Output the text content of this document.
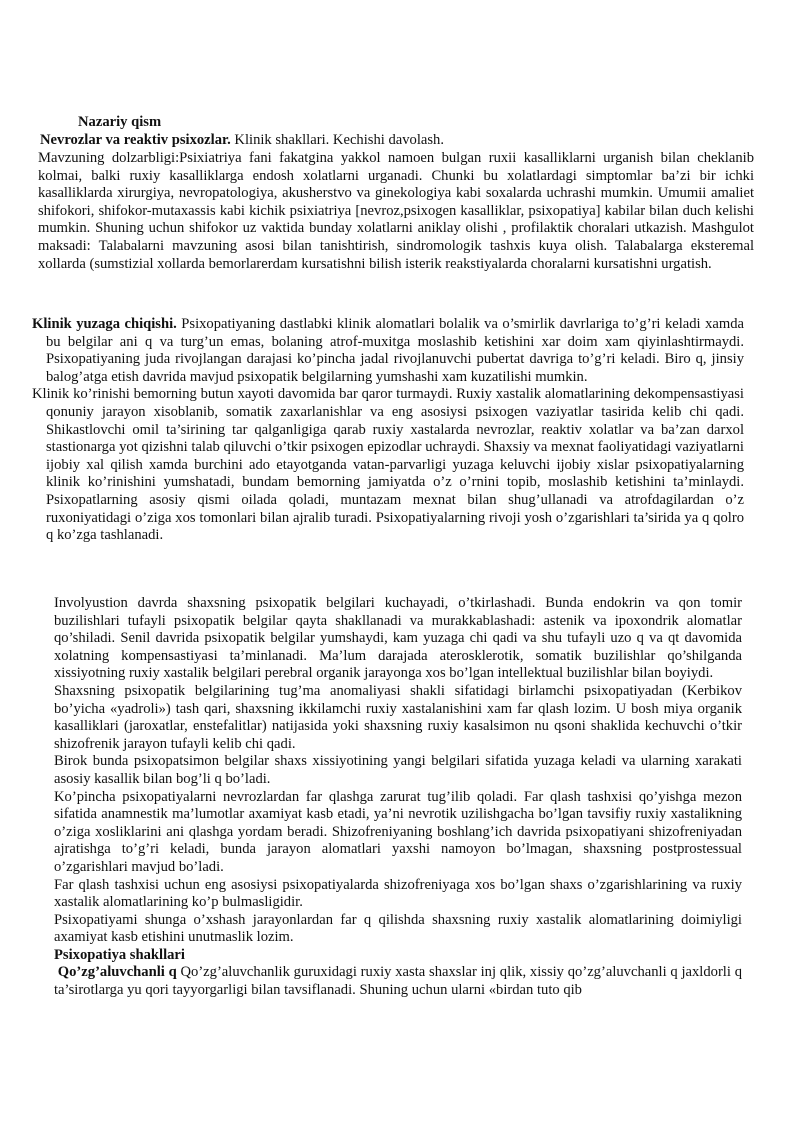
Nazariy qism

Nevrozlar va reaktiv psixozlar. Klinik shakllari. Kechishi davolash.

Mavzuning dolzarbligi:Psixiatriya fani fakatgina yakkol namoen bulgan ruxii kasalliklarni urganish bilan cheklanib kolmai, balki ruxiy kasalliklarga endosh xolatlarni urganadi. Chunki bu xolatlardagi simptomlar ba’zi bir ichki kasalliklarda xirurgiya, nevropatologiya, akusherstvo va ginekologiya kabi soxalarda uchrashi mumkin. Umumii amaliet shifokori, shifokor-mutaxassis kabi kichik psixiatriya [nevroz,psixogen kasalliklar, psixopatiya] kabilar bilan duch kelishi mumkin. Shuning uchun shifokor uz vaktida bunday xolatlarni aniklay olishi , profilaktik choralari utkazish. Mashgulot maksadi: Talabalarni mavzuning asosi bilan tanishtirish, sindromologik tashxis kuya olish. Talabalarga eksteremal xollarda (sumstizial xollarda bemorlarerdam kursatishni bilish isterik reakstiyalarda choralarni kursatishni urgatish.

Klinik yuzaga chiqishi. Psixopatiyaning dastlabki klinik alomatlari bolalik va o’smirlik davrlariga to’g’ri keladi xamda bu belgilar ani q va turg’un emas, bolaning atrof-muxitga moslashib ketishini xar doim xam qiyinlashtirmaydi. Psixopatiyaning juda rivojlangan darajasi ko’pincha jadal rivojlanuvchi pubertat davriga to’g’ri keladi. Biro q, jinsiy balog’atga etish davrida mavjud psixopatik belgilarning yumshashi xam kuzatilishi mumkin.

Klinik ko’rinishi bemorning butun xayoti davomida bar qaror turmaydi. Ruxiy xastalik alomatlarining dekompensastiyasi qonuniy jarayon xisoblanib, somatik zaxarlanishlar va eng asosiysi psixogen vaziyatlar tasirida kelib chi qadi. Shikastlovchi omil ta’sirining tar qalganligiga qarab ruxiy xastalarda nevrozlar, reaktiv xolatlar va ba’zan darxol stastionarga yot qizishni talab qiluvchi o’tkir psixogen epizodlar uchraydi. Shaxsiy va mexnat faoliyatidagi vaziyatlarni ijobiy xal qilish xamda burchini ado etayotganda vatan-parvarligi yuzaga keluvchi ijobiy xislar psixopatiyalarning klinik ko’rinishini yumshatadi, bundam bemorning jamiyatda o’z o’rnini topib, moslashib ketishini ta’minlaydi. Psixopatlarning asosiy qismi oilada qoladi, muntazam mexnat bilan shug’ullanadi va atrofdagilardan o’z ruxoniyatidagi o’ziga xos tomonlari bilan ajralib turadi. Psixopatiyalarning rivoji yosh o’zgarishlari ta’sirida ya q qolro q ko’zga tashlanadi.

Involyustion davrda shaxsning psixopatik belgilari kuchayadi, o’tkirlashadi. Bunda endokrin va qon tomir buzilishlari tufayli psixopatik belgilar qayta shakllanadi va murakkablashadi: astenik va ipoxondrik alomatlar qo’shiladi. Senil davrida psixopatik belgilar yumshaydi, kam yuzaga chi qadi va shu tufayli uzo q va qt davomida xolatning kompensastiyasi ta’minlanadi. Ma’lum darajada aterosklerotik, somatik buzilishlar qo’shilganda xissiyotning ruxiy xastalik belgilari perebral organik jarayonga xos bo’lgan intellektual buzilishlar bilan boyiydi.

Shaxsning psixopatik belgilarining tug’ma anomaliyasi shakli sifatidagi birlamchi psixopatiyadan (Kerbikov bo’yicha «yadroli») tash qari, shaxsning ikkilamchi ruxiy xastalanishini xam far qlash lozim. U bosh miya organik kasalliklari (jaroxatlar, enstefalitlar) natijasida yoki shaxsning ruxiy kasalsimon nu qsoni shaklida kechuvchi o’tkir shizofrenik jarayon tufayli kelib chi qadi.

Birok bunda psixopatsimon belgilar shaxs xissiyotining yangi belgilari sifatida yuzaga keladi va ularning xarakati asosiy kasallik bilan bog’li q bo’ladi.

Ko’pincha psixopatiyalarni nevrozlardan far qlashga zarurat tug’ilib qoladi. Far qlash tashxisi qo’yishga mezon sifatida anamnestik ma’lumotlar axamiyat kasb etadi, ya’ni nevrotik uzilishgacha bo’lgan tavsifiy ruxiy xastalikning o’ziga xosliklarini ani qlashga yordam beradi. Shizofreniyaning boshlang’ich davrida psixopatiyani shizofreniyadan ajratishga to’g’ri keladi, bunda jarayon alomatlari yaxshi namoyon bo’lmagan, shaxsning postprostessual o’zgarishlari mavjud bo’ladi.

Far qlash tashxisi uchun eng asosiysi psixopatiyalarda shizofreniyaga xos bo’lgan shaxs o’zgarishlarining va ruxiy xastalik alomatlarining ko’p bulmasligidir.

Psixopatiyami shunga o’xshash jarayonlardan far q qilishda shaxsning ruxiy xastalik alomatlarining doimiyligi axamiyat kasb etishini unutmaslik lozim.

Psixopatiya shakllari

Qo’zg’aluvchanli q Qo’zg’aluvchanlik guruxidagi ruxiy xasta shaxslar inj qlik, xissiy qo’zg’aluvchanli q jaxldorli q ta’sirotlarga yu qori tayyorgarligi bilan tavsiflanadi. Shuning uchun ularni «birdan tuto qib
